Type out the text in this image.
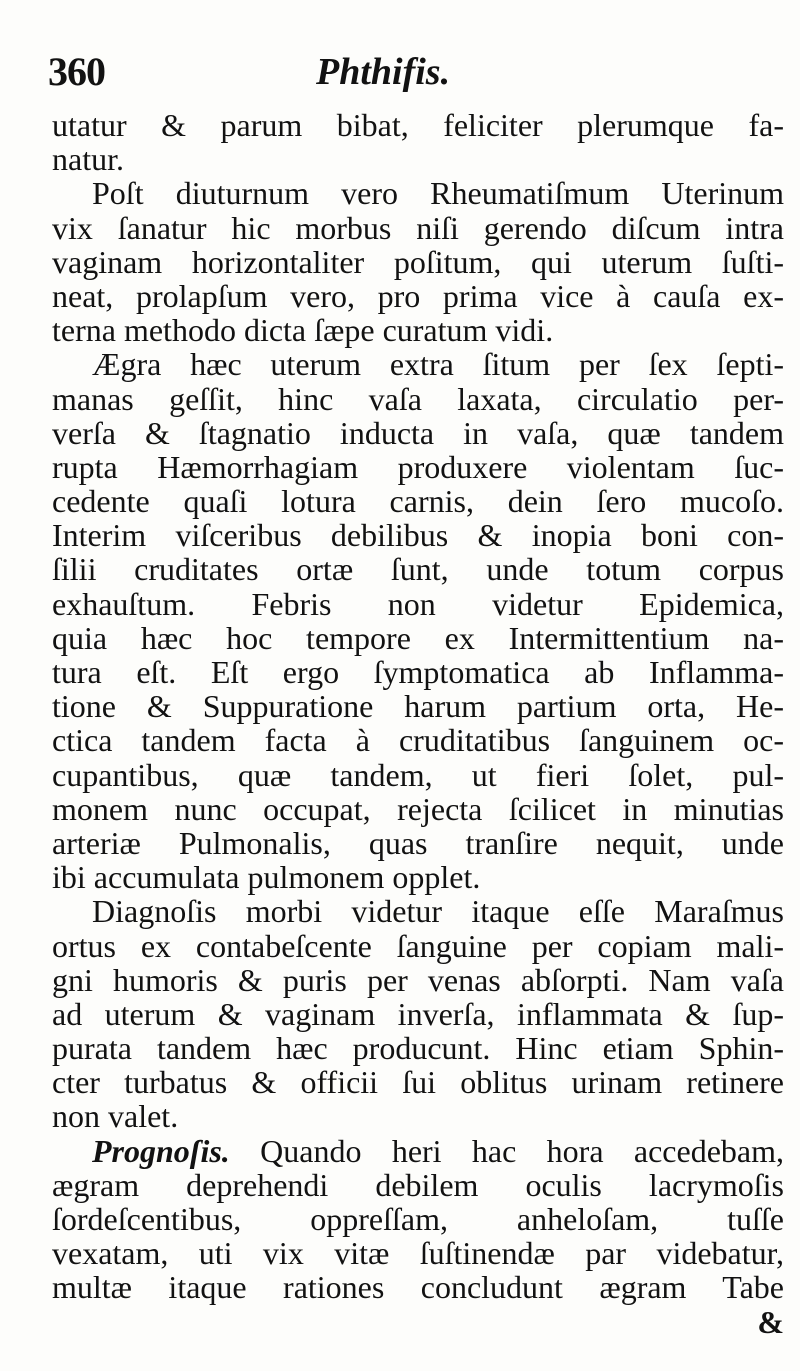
360	Phthifis.
utatur & parum bibat, feliciter plerumque fa-
natur.
Poſt diuturnum vero Rheumatiſmum Uterinum
vix ſanatur hic morbus niſi gerendo diſcum intra
vaginam horizontaliter poſitum, qui uterum ſuſti-
neat, prolapſum vero, pro prima vice à cauſa ex-
terna methodo dicta ſæpe curatum vidi.
Ægra hæc uterum extra ſitum per ſex ſepti-
manas geſſit, hinc vaſa laxata, circulatio per-
verſa & ſtagnatio inducta in vaſa, quæ tandem
rupta Hæmorrhagiam produxere violentam ſuc-
cedente quaſi lotura carnis, dein ſero mucoſo.
Interim viſceribus debilibus & inopia boni con-
ſilii cruditates ortæ ſunt, unde totum corpus
exhauſtum. Febris non videtur Epidemica,
quia hæc hoc tempore ex Intermittentium na-
tura eſt. Eſt ergo ſymptomatica ab Inflamma-
tione & Suppuratione harum partium orta, He-
ctica tandem facta à cruditatibus ſanguinem oc-
cupantibus, quæ tandem, ut fieri ſolet, pul-
monem nunc occupat, rejecta ſcilicet in minutias
arteriæ Pulmonalis, quas tranſire nequit, unde
ibi accumulata pulmonem opplet.
Diagnoſis morbi videtur itaque eſſe Maraſmus
ortus ex contabeſcente ſanguine per copiam mali-
gni humoris & puris per venas abſorpti. Nam vaſa
ad uterum & vaginam inverſa, inflammata & ſup-
purata tandem hæc producunt. Hinc etiam Sphin-
cter turbatus & officii ſui oblitus urinam retinere
non valet.
Prognoſis. Quando heri hac hora accedebam,
ægram deprehendi debilem oculis lacrymoſis
ſordeſcentibus, oppreſſam, anheloſam, tuſſe
vexatam, uti vix vitæ ſuſtinendæ par videbatur,
multæ itaque rationes concludunt ægram Tabe
&
